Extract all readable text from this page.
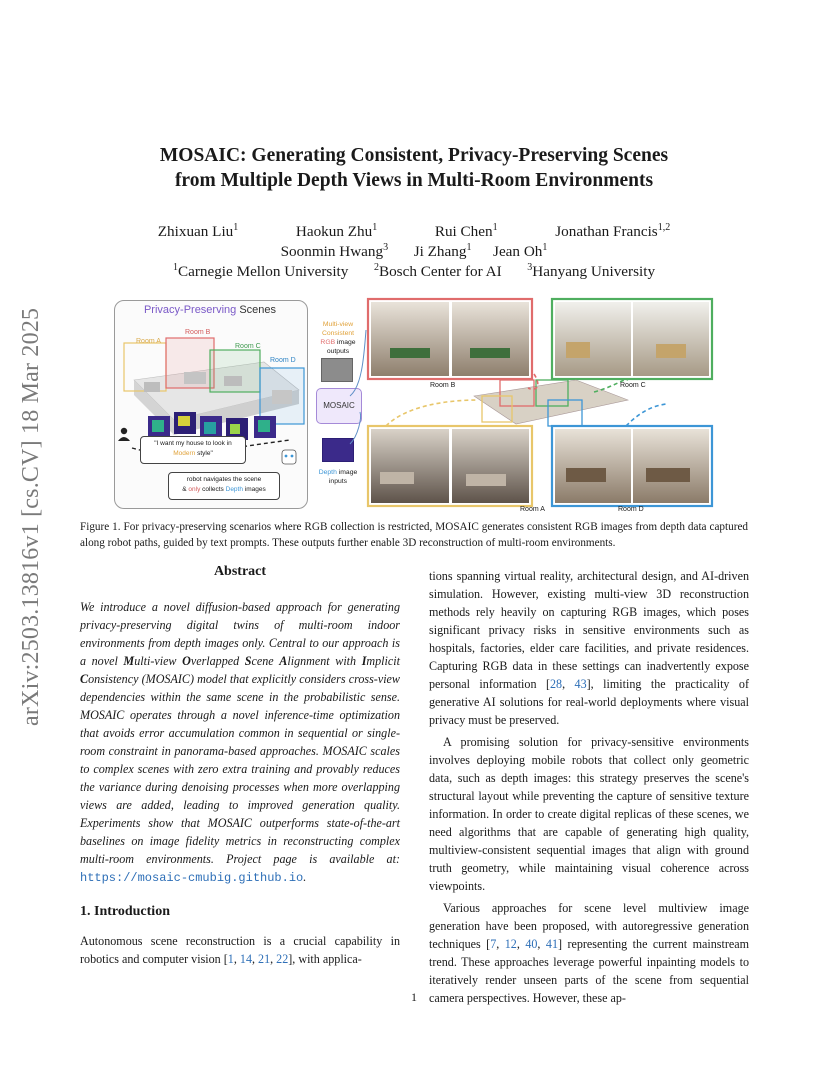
arXiv:2503.13816v1 [cs.CV] 18 Mar 2025
MOSAIC: Generating Consistent, Privacy-Preserving Scenes
from Multiple Depth Views in Multi-Room Environments
Zhixuan Liu$^1$	Haokun Zhu$^1$	Rui Chen$^1$	Jonathan Francis$^{1,2}$
Soonmin Hwang$^3$ Ji Zhang$^1$ Jean Oh$^1$
$^1$Carnegie Mellon University	$^2$Bosch Center for AI	$^3$Hanyang University
Privacy-Preserving Scenes
Room A
Room B
Room C
Room D
"I want my house to look in
Modern style"
robot navigates the scene
& only collects Depth images
Multi-view
Consistent
RGB image
outputs
MOSAIC
Depth image
inputs
Room B	Room C
Room A	Room D
Figure 1. For privacy-preserving scenarios where RGB collection is restricted, MOSAIC generates consistent RGB images from depth data captured along robot paths, guided by text prompts. These outputs further enable 3D reconstruction of multi-room environments.
Abstract
We introduce a novel diffusion-based approach for generating privacy-preserving digital twins of multi-room indoor environments from depth images only. Central to our approach is a novel Multi-view Overlapped Scene Alignment with Implicit Consistency (MOSAIC) model that explicitly considers cross-view dependencies within the same scene in the probabilistic sense. MOSAIC operates through a novel inference-time optimization that avoids error accumulation common in sequential or single-room constraint in panorama-based approaches. MOSAIC scales to complex scenes with zero extra training and provably reduces the variance during denoising processes when more overlapping views are added, leading to improved generation quality. Experiments show that MOSAIC outperforms state-of-the-art baselines on image fidelity metrics in reconstructing complex multi-room environments. Project page is available at: https://mosaic-cmubig.github.io.
1. Introduction
Autonomous scene reconstruction is a crucial capability in robotics and computer vision [1, 14, 21, 22], with applica-

tions spanning virtual reality, architectural design, and AI-driven simulation. However, existing multi-view 3D reconstruction methods rely heavily on capturing RGB images, which poses significant privacy risks in sensitive environments such as hospitals, factories, elder care facilities, and private residences. Capturing RGB data in these settings can inadvertently expose personal information [28, 43], limiting the practicality of generative AI solutions for real-world deployments where visual privacy must be preserved.

A promising solution for privacy-sensitive environments involves deploying mobile robots that collect only geometric data, such as depth images: this strategy preserves the scene's structural layout while preventing the capture of sensitive texture information. In order to create digital replicas of these scenes, we need algorithms that are capable of generating high quality, multiview-consistent sequential images that align with ground truth geometry, while maintaining visual coherence across viewpoints.

Various approaches for scene level multiview image generation have been proposed, with autoregressive generation techniques [7, 12, 40, 41] representing the current mainstream trend. These approaches leverage powerful inpainting models to iteratively render unseen parts of the scene from sequential camera perspectives. However, these ap-

1
